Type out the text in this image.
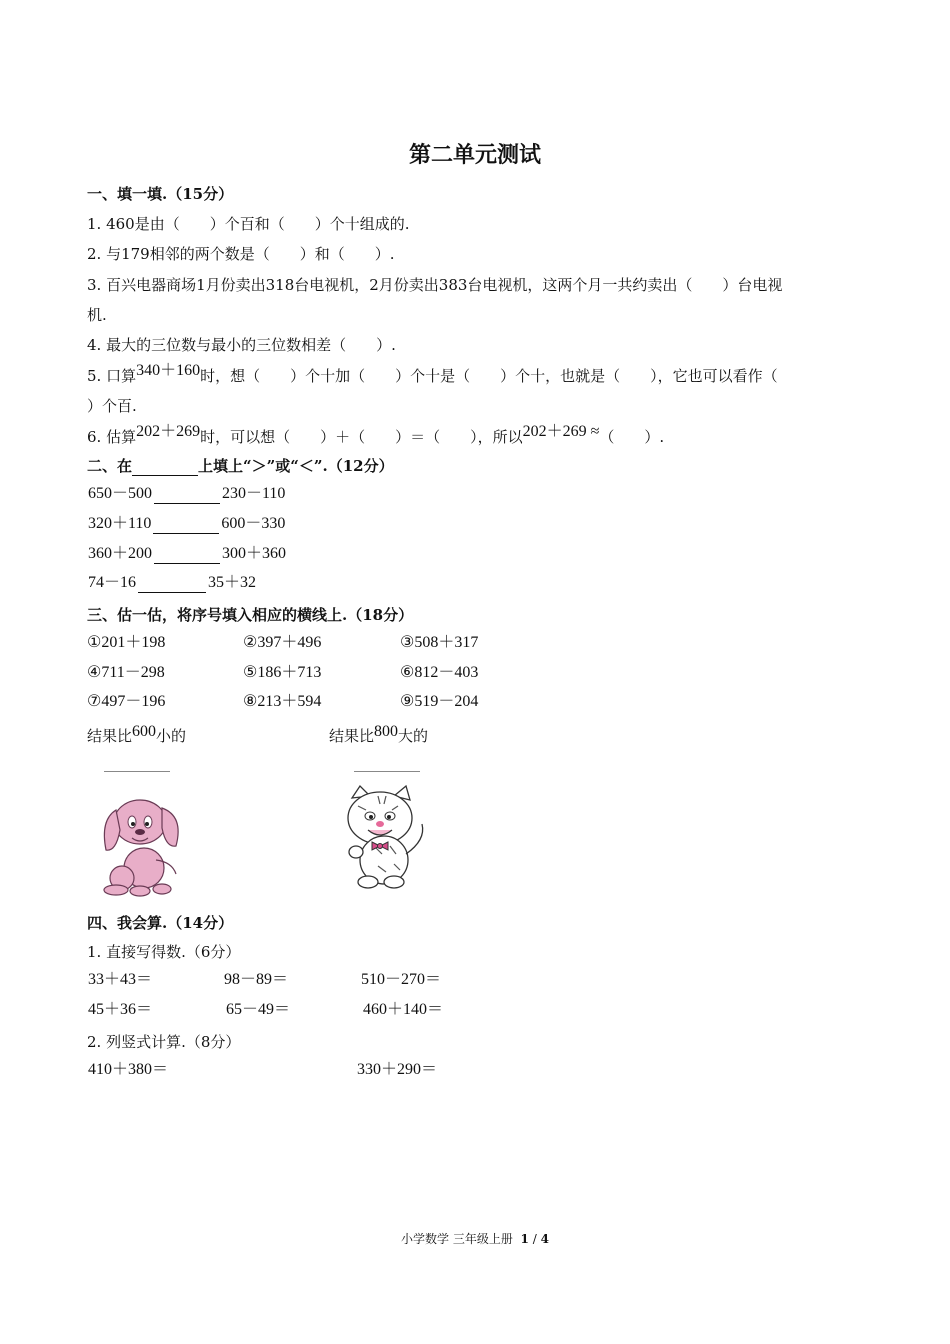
第二单元测试
一、填一填.（15分）
1. 460是由（　　）个百和（　　）个十组成的.
2. 与179相邻的两个数是（　　）和（　　）.
3. 百兴电器商场1月份卖出318台电视机，2月份卖出383台电视机，这两个月一共约卖出（　　）台电视
机.
4. 最大的三位数与最小的三位数相差（　　）.
5. 口算340＋160时，想（　　）个十加（　　）个十是（　　）个十，也就是（　　），它也可以看作（
）个百.
6. 估算202＋269时，可以想（　　）＋（　　）＝（　　），所以202＋269 ≈（　　）.
二、在	上填上“＞”或“＜”.（12分）
650－500	230－110
320＋110	600－330
360＋200	300＋360
74－16	35＋32
三、估一估，将序号填入相应的横线上.（18分）
①201＋198	②397＋496	③508＋317
④711－298	⑤186＋713	⑥812－403
⑦497－196	⑧213＋594	⑨519－204
结果比600小的	结果比800大的
四、我会算.（14分）
1. 直接写得数.（6分）
33＋43＝	98－89＝	510－270＝
45＋36＝	65－49＝	460＋140＝
2. 列竖式计算.（8分）
410＋380＝	330＋290＝
小学数学 三年级上册 1 / 4
